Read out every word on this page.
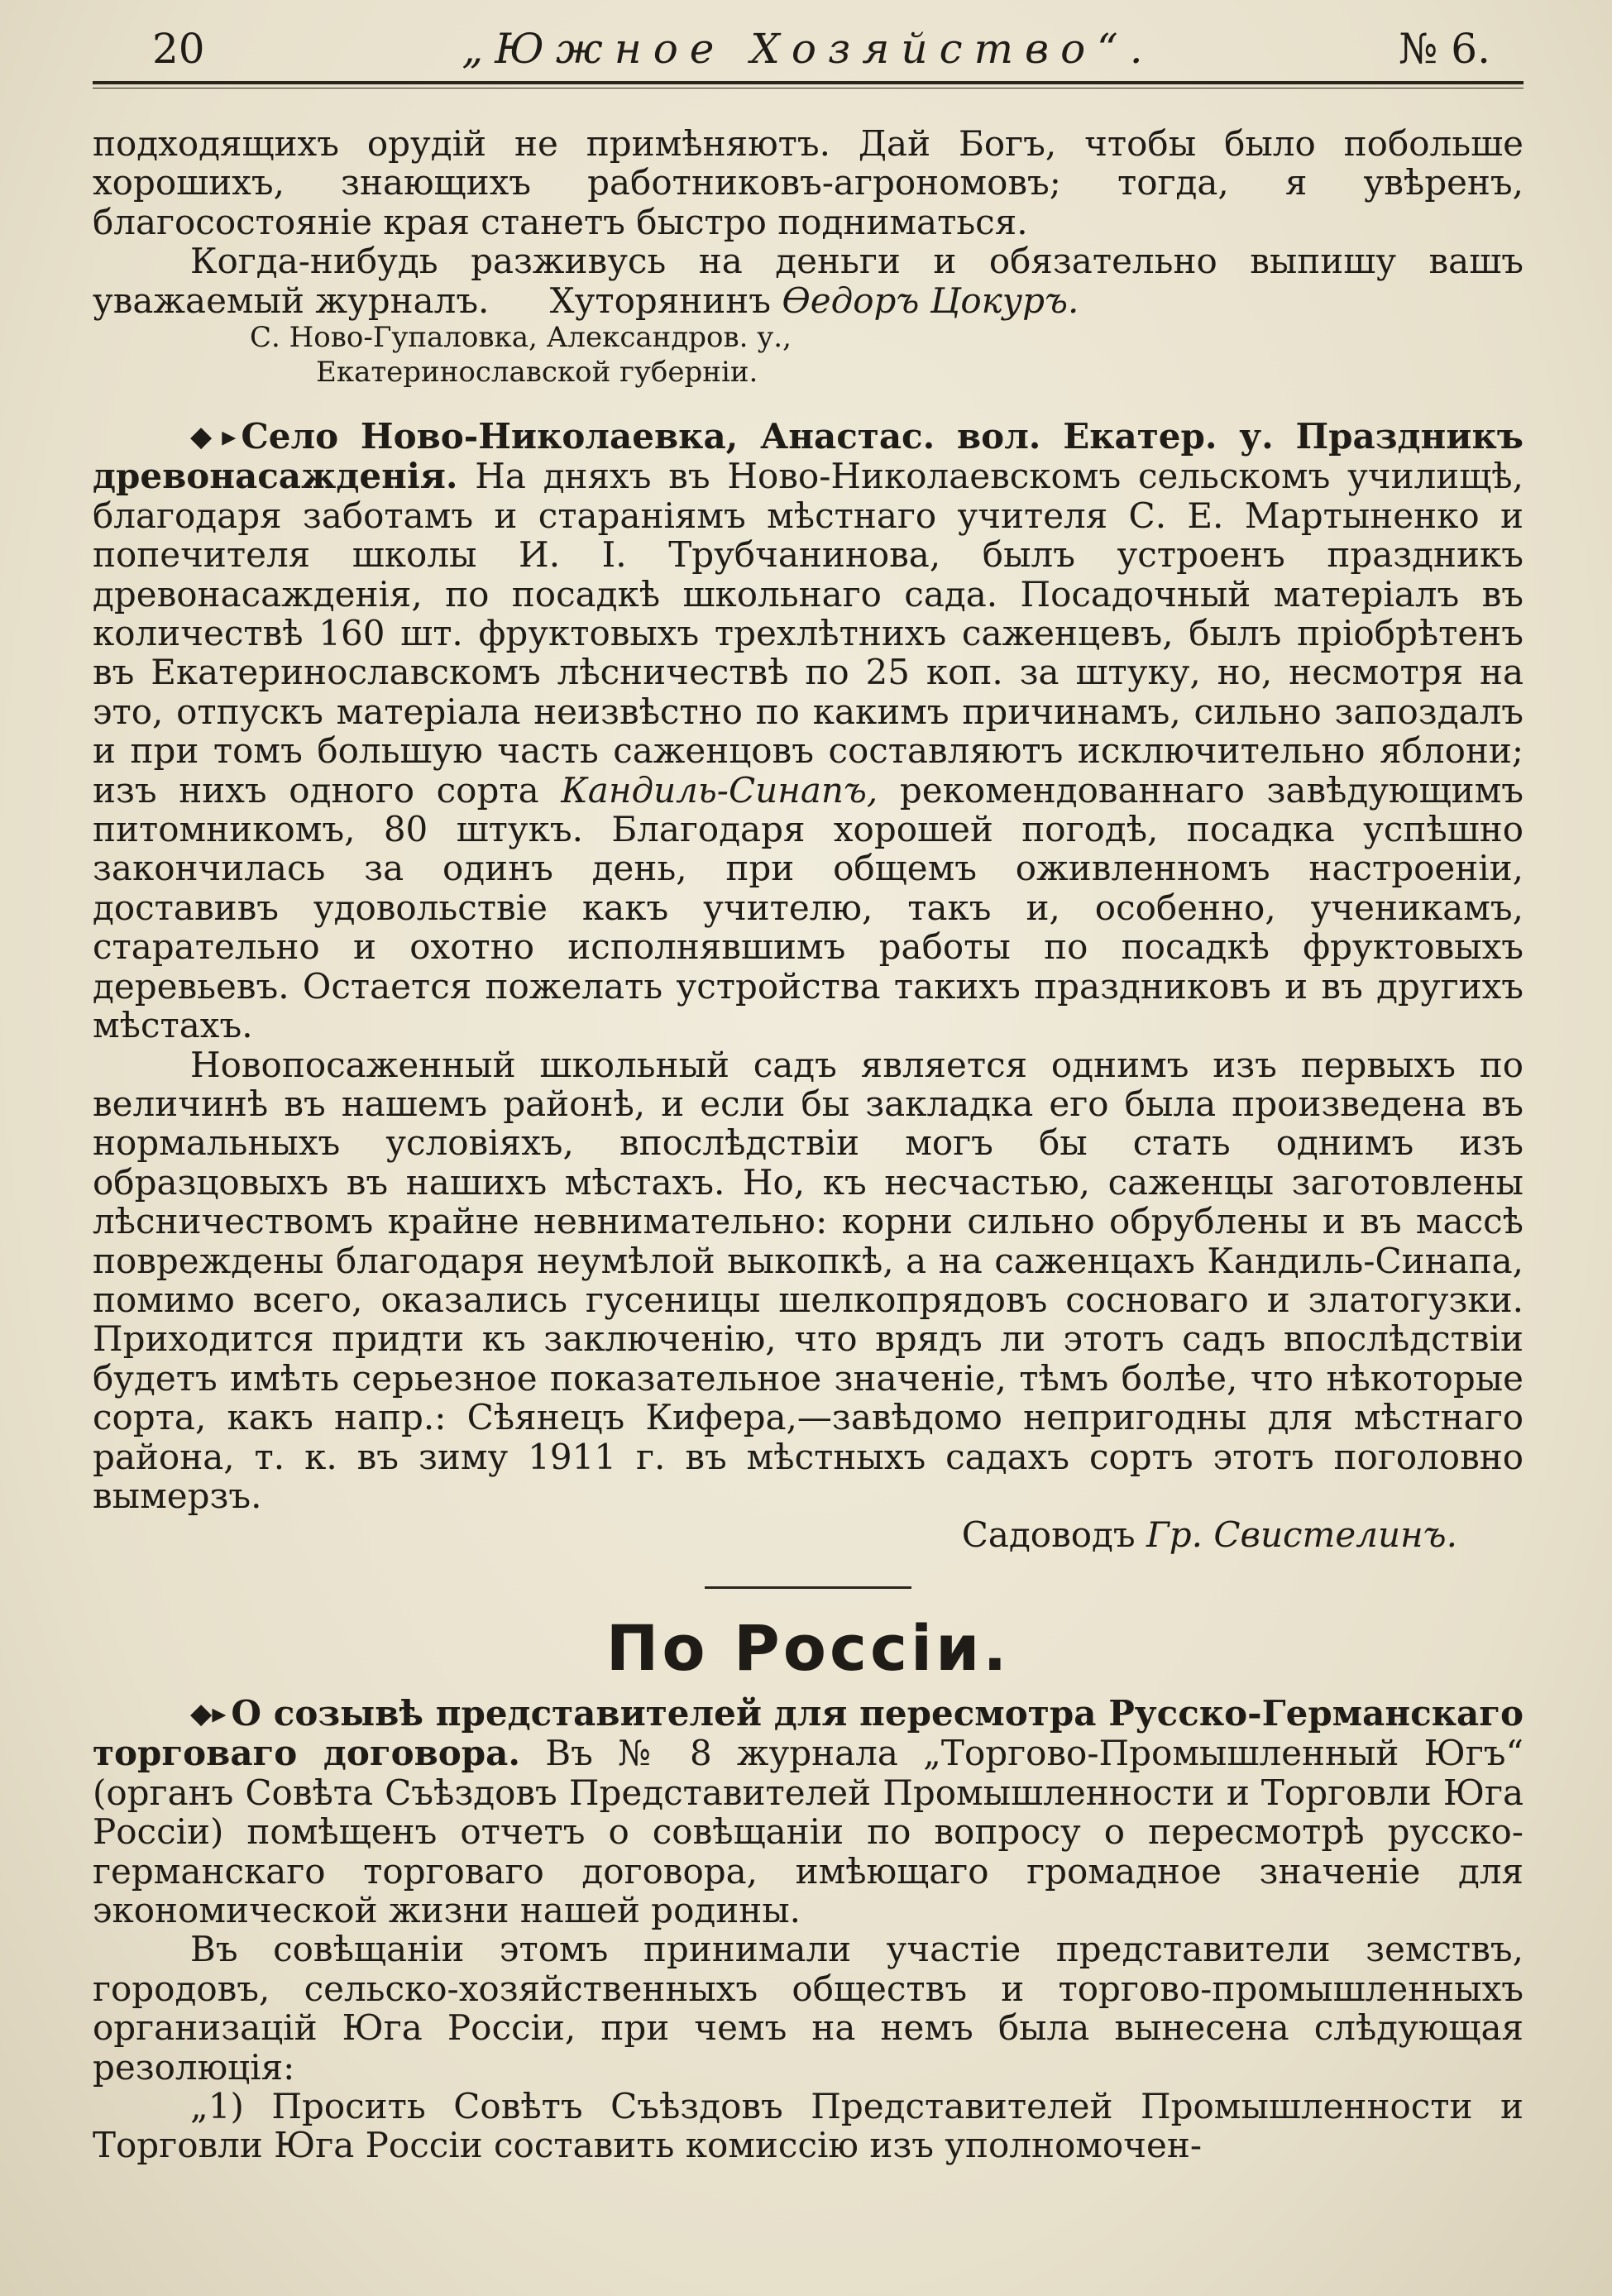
20	„Южное Хозяйство“.	№ 6.

подходящихъ орудій не примѣняютъ. Дай Богъ, чтобы было побольше хорошихъ, знающихъ работниковъ-агрономовъ; тогда, я увѣренъ, благосостояніе края станетъ быстро подниматься.

Когда-нибудь разживусь на деньги и обязательно выпишу вашъ уважаемый журналъ. Хуторянинъ Ѳедоръ Цокуръ.

С. Ново-Гупаловка, Александров. у.,

Екатеринославской губерніи.

◆▸ Село Ново-Николаевка, Анастас. вол. Екатер. у. Праздникъ древонасажденія. На дняхъ въ Ново-Николаевскомъ сельскомъ училищѣ, благодаря заботамъ и стараніямъ мѣстнаго учителя С. Е. Мартыненко и попечителя школы И. І. Трубчанинова, былъ устроенъ праздникъ древонасажденія, по посадкѣ школьнаго сада. Посадочный матеріалъ въ количествѣ 160 шт. фруктовыхъ трехлѣтнихъ саженцевъ, былъ пріобрѣтенъ въ Екатеринославскомъ лѣсничествѣ по 25 коп. за штуку, но, несмотря на это, отпускъ матеріала неизвѣстно по какимъ причинамъ, сильно запоздалъ и при томъ большую часть саженцовъ составляютъ исключительно яблони; изъ нихъ одного сорта Кандиль-Синапъ, рекомендованнаго завѣдующимъ питомникомъ, 80 штукъ. Благодаря хорошей погодѣ, посадка успѣшно закончилась за одинъ день, при общемъ оживленномъ настроеніи, доставивъ удовольствіе какъ учителю, такъ и, особенно, ученикамъ, старательно и охотно исполнявшимъ работы по посадкѣ фруктовыхъ деревьевъ. Остается пожелать устройства такихъ праздниковъ и въ другихъ мѣстахъ.

Новопосаженный школьный садъ является однимъ изъ первыхъ по величинѣ въ нашемъ районѣ, и если бы закладка его была произведена въ нормальныхъ условіяхъ, впослѣдствіи могъ бы стать однимъ изъ образцовыхъ въ нашихъ мѣстахъ. Но, къ несчастью, саженцы заготовлены лѣсничествомъ крайне невнимательно: корни сильно обрублены и въ массѣ повреждены благодаря неумѣлой выкопкѣ, а на саженцахъ Кандиль-Синапа, помимо всего, оказались гусеницы шелкопрядовъ сосноваго и златогузки. Приходится придти къ заключенію, что врядъ ли этотъ садъ впослѣдствіи будетъ имѣть серьезное показательное значеніе, тѣмъ болѣе, что нѣкоторые сорта, какъ напр.: Сѣянецъ Кифера,—завѣдомо непригодны для мѣстнаго района, т. к. въ зиму 1911 г. въ мѣстныхъ садахъ сортъ этотъ поголовно вымерзъ.

Садоводъ Гр. Свистелинъ.

По Россіи.

◆▸ О созывѣ представителей для пересмотра Русско-Германскаго торговаго договора. Въ № 8 журнала „Торгово-Промышленный Югъ“ (органъ Совѣта Съѣздовъ Представителей Промышленности и Торговли Юга Россіи) помѣщенъ отчетъ о совѣщаніи по вопросу о пересмотрѣ русско-германскаго торговаго договора, имѣющаго громадное значеніе для экономической жизни нашей родины.

Въ совѣщаніи этомъ принимали участіе представители земствъ, городовъ, сельско-хозяйственныхъ обществъ и торгово-промышленныхъ организацій Юга Россіи, при чемъ на немъ была вынесена слѣдующая резолюція:

„1) Просить Совѣтъ Съѣздовъ Представителей Промышленности и Торговли Юга Россіи составить комиссію изъ уполномочен-
